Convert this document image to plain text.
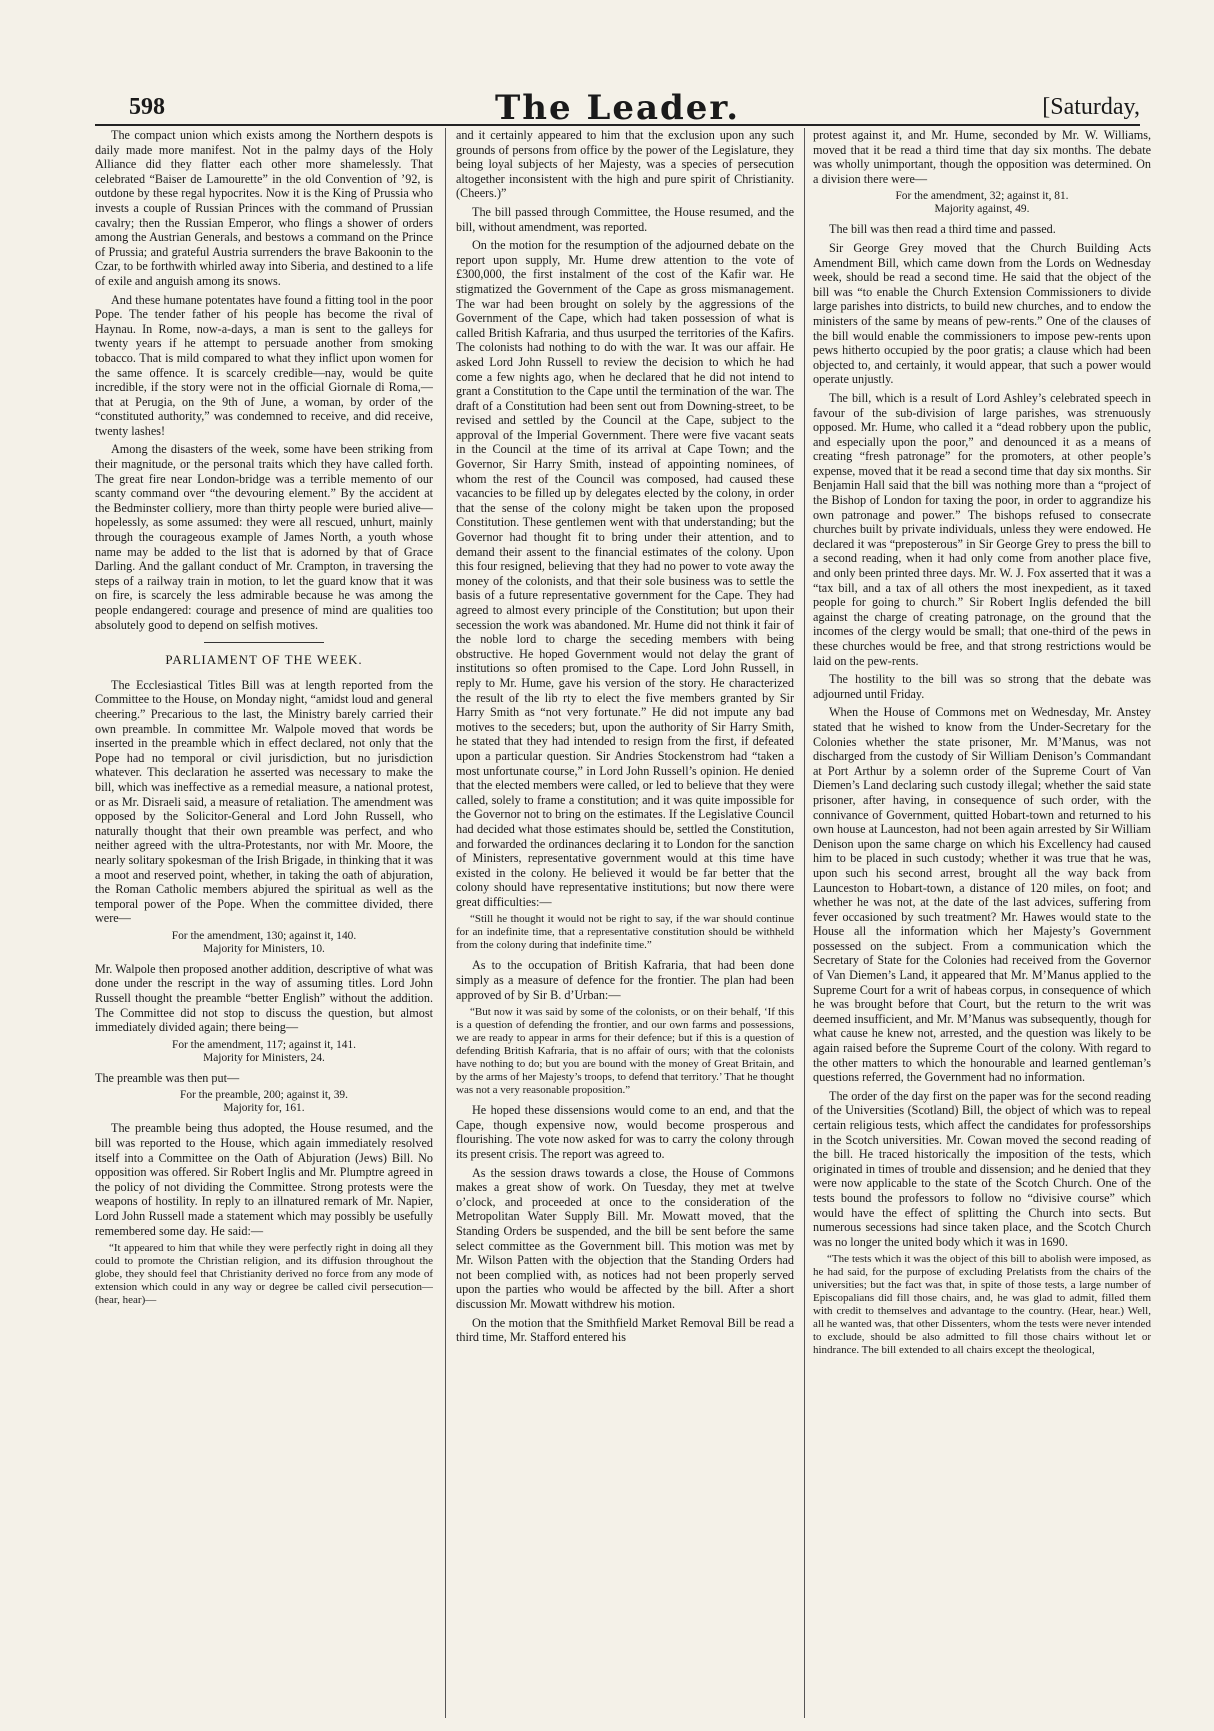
598	The Leader.	[Saturday,

The compact union which exists among the Northern despots is daily made more manifest. Not in the palmy days of the Holy Alliance did they flatter each other more shamelessly. That celebrated “Baiser de Lamourette” in the old Convention of ’92, is outdone by these regal hypocrites. Now it is the King of Prussia who invests a couple of Russian Princes with the command of Prussian cavalry; then the Russian Emperor, who flings a shower of orders among the Austrian Generals, and bestows a command on the Prince of Prussia; and grateful Austria surrenders the brave Bakoonin to the Czar, to be forthwith whirled away into Siberia, and destined to a life of exile and anguish among its snows.

And these humane potentates have found a fitting tool in the poor Pope. The tender father of his people has become the rival of Haynau. In Rome, now-a-days, a man is sent to the galleys for twenty years if he attempt to persuade another from smoking tobacco. That is mild compared to what they inflict upon women for the same offence. It is scarcely credible—nay, would be quite incredible, if the story were not in the official Giornale di Roma,—that at Perugia, on the 9th of June, a woman, by order of the “constituted authority,” was condemned to receive, and did receive, twenty lashes!

Among the disasters of the week, some have been striking from their magnitude, or the personal traits which they have called forth. The great fire near London-bridge was a terrible memento of our scanty command over “the devouring element.” By the accident at the Bedminster colliery, more than thirty people were buried alive—hopelessly, as some assumed: they were all rescued, unhurt, mainly through the courageous example of James North, a youth whose name may be added to the list that is adorned by that of Grace Darling. And the gallant conduct of Mr. Crampton, in traversing the steps of a railway train in motion, to let the guard know that it was on fire, is scarcely the less admirable because he was among the people endangered: courage and presence of mind are qualities too absolutely good to depend on selfish motives.

PARLIAMENT OF THE WEEK.

The Ecclesiastical Titles Bill was at length reported from the Committee to the House, on Monday night, “amidst loud and general cheering.” Precarious to the last, the Ministry barely carried their own preamble. In committee Mr. Walpole moved that words be inserted in the preamble which in effect declared, not only that the Pope had no temporal or civil jurisdiction, but no jurisdiction whatever. This declaration he asserted was necessary to make the bill, which was ineffective as a remedial measure, a national protest, or as Mr. Disraeli said, a measure of retaliation. The amendment was opposed by the Solicitor-General and Lord John Russell, who naturally thought that their own preamble was perfect, and who neither agreed with the ultra-Protestants, nor with Mr. Moore, the nearly solitary spokesman of the Irish Brigade, in thinking that it was a moot and reserved point, whether, in taking the oath of abjuration, the Roman Catholic members abjured the spiritual as well as the temporal power of the Pope. When the committee divided, there were—

For the amendment, 130; against it, 140.
Majority for Ministers, 10.

Mr. Walpole then proposed another addition, descriptive of what was done under the rescript in the way of assuming titles. Lord John Russell thought the preamble “better English” without the addition. The Committee did not stop to discuss the question, but almost immediately divided again; there being—

For the amendment, 117; against it, 141.
Majority for Ministers, 24.

The preamble was then put—

For the preamble, 200; against it, 39.
Majority for, 161.

The preamble being thus adopted, the House resumed, and the bill was reported to the House, which again immediately resolved itself into a Committee on the Oath of Abjuration (Jews) Bill. No opposition was offered. Sir Robert Inglis and Mr. Plumptre agreed in the policy of not dividing the Committee. Strong protests were the weapons of hostility. In reply to an illnatured remark of Mr. Napier, Lord John Russell made a statement which may possibly be usefully remembered some day. He said:—

“It appeared to him that while they were perfectly right in doing all they could to promote the Christian religion, and its diffusion throughout the globe, they should feel that Christianity derived no force from any mode of extension which could in any way or degree be called civil persecution—(hear, hear)—

and it certainly appeared to him that the exclusion upon any such grounds of persons from office by the power of the Legislature, they being loyal subjects of her Majesty, was a species of persecution altogether inconsistent with the high and pure spirit of Christianity. (Cheers.)”

The bill passed through Committee, the House resumed, and the bill, without amendment, was reported.

On the motion for the resumption of the adjourned debate on the report upon supply, Mr. Hume drew attention to the vote of £300,000, the first instalment of the cost of the Kafir war. He stigmatized the Government of the Cape as gross mismanagement. The war had been brought on solely by the aggressions of the Government of the Cape, which had taken possession of what is called British Kafraria, and thus usurped the territories of the Kafirs. The colonists had nothing to do with the war. It was our affair. He asked Lord John Russell to review the decision to which he had come a few nights ago, when he declared that he did not intend to grant a Constitution to the Cape until the termination of the war. The draft of a Constitution had been sent out from Downing-street, to be revised and settled by the Council at the Cape, subject to the approval of the Imperial Government. There were five vacant seats in the Council at the time of its arrival at Cape Town; and the Governor, Sir Harry Smith, instead of appointing nominees, of whom the rest of the Council was composed, had caused these vacancies to be filled up by delegates elected by the colony, in order that the sense of the colony might be taken upon the proposed Constitution. These gentlemen went with that understanding; but the Governor had thought fit to bring under their attention, and to demand their assent to the financial estimates of the colony. Upon this four resigned, believing that they had no power to vote away the money of the colonists, and that their sole business was to settle the basis of a future representative government for the Cape. They had agreed to almost every principle of the Constitution; but upon their secession the work was abandoned. Mr. Hume did not think it fair of the noble lord to charge the seceding members with being obstructive. He hoped Government would not delay the grant of institutions so often promised to the Cape. Lord John Russell, in reply to Mr. Hume, gave his version of the story. He characterized the result of the lib rty to elect the five members granted by Sir Harry Smith as “not very fortunate.” He did not impute any bad motives to the seceders; but, upon the authority of Sir Harry Smith, he stated that they had intended to resign from the first, if defeated upon a particular question. Sir Andries Stockenstrom had “taken a most unfortunate course,” in Lord John Russell’s opinion. He denied that the elected members were called, or led to believe that they were called, solely to frame a constitution; and it was quite impossible for the Governor not to bring on the estimates. If the Legislative Council had decided what those estimates should be, settled the Constitution, and forwarded the ordinances declaring it to London for the sanction of Ministers, representative government would at this time have existed in the colony. He believed it would be far better that the colony should have representative institutions; but now there were great difficulties:—

“Still he thought it would not be right to say, if the war should continue for an indefinite time, that a representative constitution should be withheld from the colony during that indefinite time.”

As to the occupation of British Kafraria, that had been done simply as a measure of defence for the frontier. The plan had been approved of by Sir B. d’Urban:—

“But now it was said by some of the colonists, or on their behalf, ‘If this is a question of defending the frontier, and our own farms and possessions, we are ready to appear in arms for their defence; but if this is a question of defending British Kafraria, that is no affair of ours; with that the colonists have nothing to do; but you are bound with the money of Great Britain, and by the arms of her Majesty’s troops, to defend that territory.’ That he thought was not a very reasonable proposition.”

He hoped these dissensions would come to an end, and that the Cape, though expensive now, would become prosperous and flourishing. The vote now asked for was to carry the colony through its present crisis. The report was agreed to.

As the session draws towards a close, the House of Commons makes a great show of work. On Tuesday, they met at twelve o’clock, and proceeded at once to the consideration of the Metropolitan Water Supply Bill. Mr. Mowatt moved, that the Standing Orders be suspended, and the bill be sent before the same select committee as the Government bill. This motion was met by Mr. Wilson Patten with the objection that the Standing Orders had not been complied with, as notices had not been properly served upon the parties who would be affected by the bill. After a short discussion Mr. Mowatt withdrew his motion.

On the motion that the Smithfield Market Removal Bill be read a third time, Mr. Stafford entered his

protest against it, and Mr. Hume, seconded by Mr. W. Williams, moved that it be read a third time that day six months. The debate was wholly unimportant, though the opposition was determined. On a division there were—

For the amendment, 32; against it, 81.
Majority against, 49.

The bill was then read a third time and passed.

Sir George Grey moved that the Church Building Acts Amendment Bill, which came down from the Lords on Wednesday week, should be read a second time. He said that the object of the bill was “to enable the Church Extension Commissioners to divide large parishes into districts, to build new churches, and to endow the ministers of the same by means of pew-rents.” One of the clauses of the bill would enable the commissioners to impose pew-rents upon pews hitherto occupied by the poor gratis; a clause which had been objected to, and certainly, it would appear, that such a power would operate unjustly.

The bill, which is a result of Lord Ashley’s celebrated speech in favour of the sub-division of large parishes, was strenuously opposed. Mr. Hume, who called it a “dead robbery upon the public, and especially upon the poor,” and denounced it as a means of creating “fresh patronage” for the promoters, at other people’s expense, moved that it be read a second time that day six months. Sir Benjamin Hall said that the bill was nothing more than a “project of the Bishop of London for taxing the poor, in order to aggrandize his own patronage and power.” The bishops refused to consecrate churches built by private individuals, unless they were endowed. He declared it was “preposterous” in Sir George Grey to press the bill to a second reading, when it had only come from another place five, and only been printed three days. Mr. W. J. Fox asserted that it was a “tax bill, and a tax of all others the most inexpedient, as it taxed people for going to church.” Sir Robert Inglis defended the bill against the charge of creating patronage, on the ground that the incomes of the clergy would be small; that one-third of the pews in these churches would be free, and that strong restrictions would be laid on the pew-rents.

The hostility to the bill was so strong that the debate was adjourned until Friday.

When the House of Commons met on Wednesday, Mr. Anstey stated that he wished to know from the Under-Secretary for the Colonies whether the state prisoner, Mr. M’Manus, was not discharged from the custody of Sir William Denison’s Commandant at Port Arthur by a solemn order of the Supreme Court of Van Diemen’s Land declaring such custody illegal; whether the said state prisoner, after having, in consequence of such order, with the connivance of Government, quitted Hobart-town and returned to his own house at Launceston, had not been again arrested by Sir William Denison upon the same charge on which his Excellency had caused him to be placed in such custody; whether it was true that he was, upon such his second arrest, brought all the way back from Launceston to Hobart-town, a distance of 120 miles, on foot; and whether he was not, at the date of the last advices, suffering from fever occasioned by such treatment? Mr. Hawes would state to the House all the information which her Majesty’s Government possessed on the subject. From a communication which the Secretary of State for the Colonies had received from the Governor of Van Diemen’s Land, it appeared that Mr. M’Manus applied to the Supreme Court for a writ of habeas corpus, in consequence of which he was brought before that Court, but the return to the writ was deemed insufficient, and Mr. M’Manus was subsequently, though for what cause he knew not, arrested, and the question was likely to be again raised before the Supreme Court of the colony. With regard to the other matters to which the honourable and learned gentleman’s questions referred, the Government had no information.

The order of the day first on the paper was for the second reading of the Universities (Scotland) Bill, the object of which was to repeal certain religious tests, which affect the candidates for professorships in the Scotch universities. Mr. Cowan moved the second reading of the bill. He traced historically the imposition of the tests, which originated in times of trouble and dissension; and he denied that they were now applicable to the state of the Scotch Church. One of the tests bound the professors to follow no “divisive course” which would have the effect of splitting the Church into sects. But numerous secessions had since taken place, and the Scotch Church was no longer the united body which it was in 1690.

“The tests which it was the object of this bill to abolish were imposed, as he had said, for the purpose of excluding Prelatists from the chairs of the universities; but the fact was that, in spite of those tests, a large number of Episcopalians did fill those chairs, and, he was glad to admit, filled them with credit to themselves and advantage to the country. (Hear, hear.) Well, all he wanted was, that other Dissenters, whom the tests were never intended to exclude, should be also admitted to fill those chairs without let or hindrance. The bill extended to all chairs except the theological,
